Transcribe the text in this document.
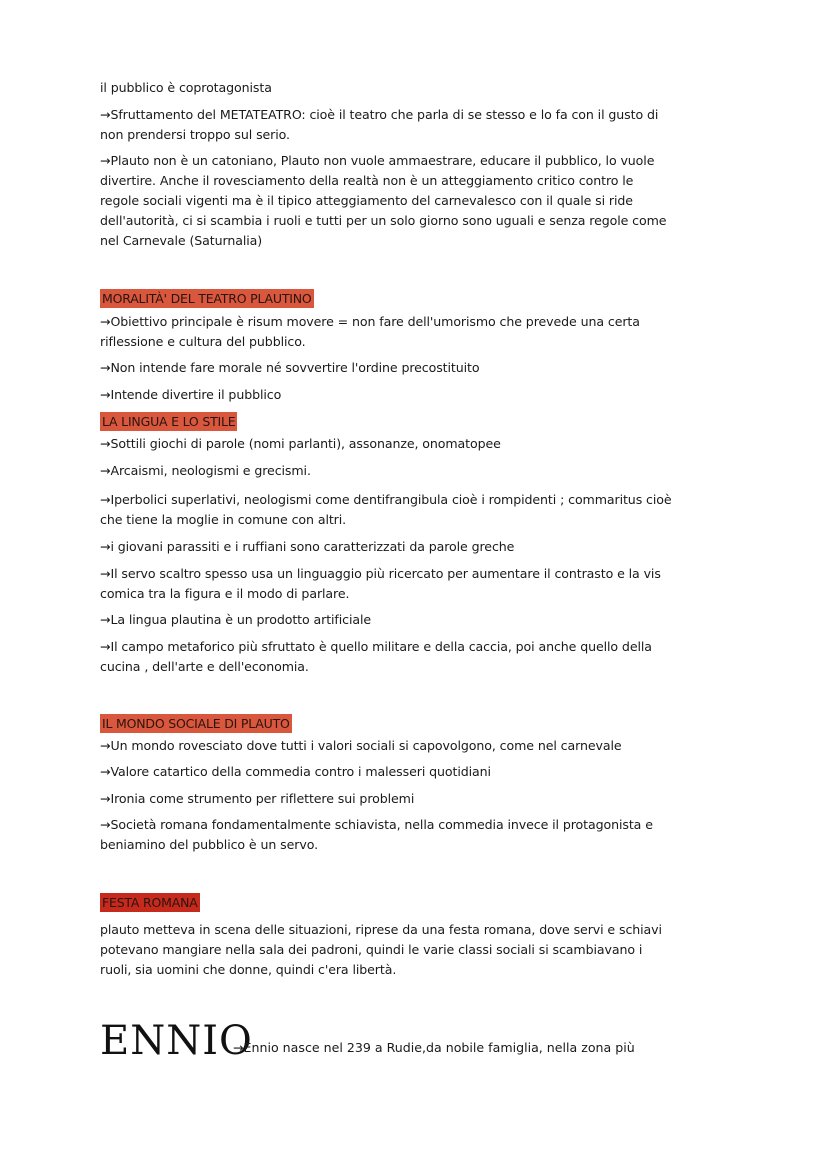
il pubblico è coprotagonista
→Sfruttamento del METATEATRO: cioè il teatro che parla di se stesso e lo fa con il gusto di
non prendersi troppo sul serio.
→Plauto non è un catoniano, Plauto non vuole ammaestrare, educare il pubblico, lo vuole
divertire. Anche il rovesciamento della realtà non è un atteggiamento critico contro le
regole sociali vigenti ma è il tipico atteggiamento del carnevalesco con il quale si ride
dell'autorità, ci si scambia i ruoli e tutti per un solo giorno sono uguali e senza regole come
nel Carnevale (Saturnalia)
MORALITÀ' DEL TEATRO PLAUTINO
→Obiettivo principale è risum movere = non fare dell'umorismo che prevede una certa
riflessione e cultura del pubblico.
→Non intende fare morale né sovvertire l'ordine precostituito
→Intende divertire il pubblico
LA LINGUA E LO STILE
→Sottili giochi di parole (nomi parlanti), assonanze, onomatopee
→Arcaismi, neologismi e grecismi.
→Iperbolici superlativi, neologismi come dentifrangibula cioè i rompidenti ; commaritus cioè
che tiene la moglie in comune con altri.
→i giovani parassiti e i ruffiani sono caratterizzati da parole greche
→Il servo scaltro spesso usa un linguaggio più ricercato per aumentare il contrasto e la vis
comica tra la figura e il modo di parlare.
→La lingua plautina è un prodotto artificiale
→Il campo metaforico più sfruttato è quello militare e della caccia, poi anche quello della
cucina , dell'arte e dell'economia.
IL MONDO SOCIALE DI PLAUTO
→Un mondo rovesciato dove tutti i valori sociali si capovolgono, come nel carnevale
→Valore catartico della commedia contro i malesseri quotidiani
→Ironia come strumento per riflettere sui problemi
→Società romana fondamentalmente schiavista, nella commedia invece il protagonista e
beniamino del pubblico è un servo.
FESTA ROMANA
plauto metteva in scena delle situazioni, riprese da una festa romana, dove servi e schiavi
potevano mangiare nella sala dei padroni, quindi le varie classi sociali si scambiavano i
ruoli, sia uomini che donne, quindi c'era libertà.
ENNIO
→Ennio nasce nel 239 a Rudie,da nobile famiglia, nella zona più
